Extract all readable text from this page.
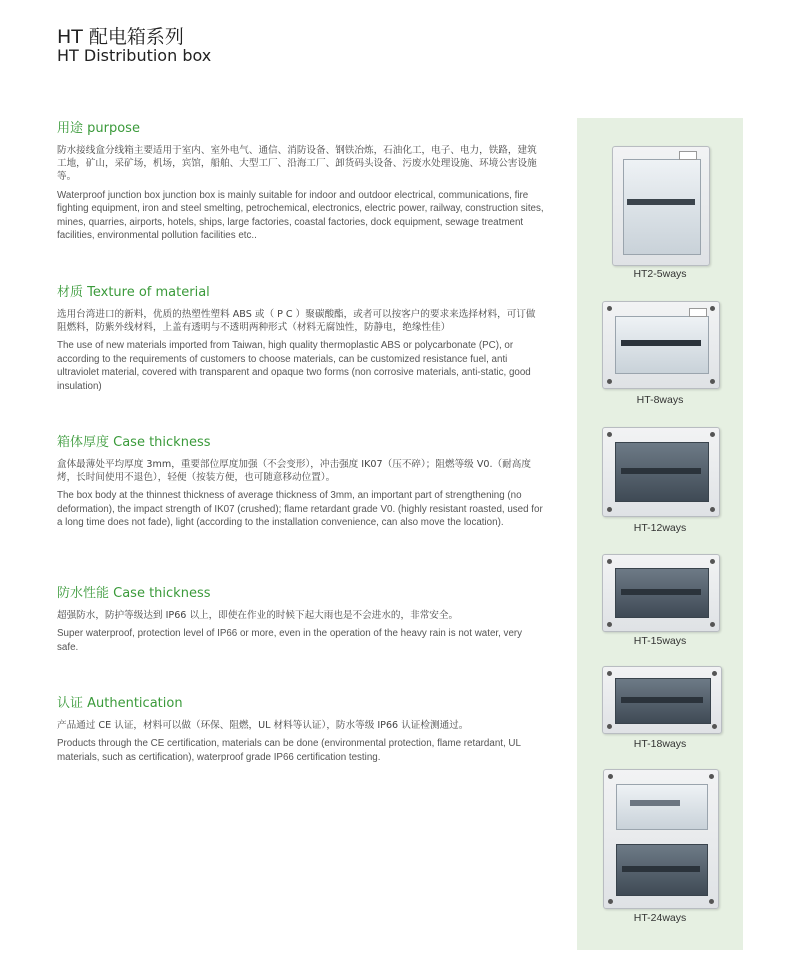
HT 配电箱系列
HT Distribution box
用途 purpose

防水接线盒分线箱主要适用于室内、室外电气、通信、消防设备、钢铁冶炼，石油化工，电子、电力，铁路，建筑工地，矿山，采矿场，机场，宾馆，船舶、大型工厂、沿海工厂、卸货码头设备、污废水处理设施、环境公害设施等。

Waterproof junction box junction box is mainly suitable for indoor and outdoor electrical, communications, fire fighting equipment, iron and steel smelting, petrochemical, electronics, electric power, railway, construction sites, mines, quarries, airports, hotels, ships, large factories, coastal factories, dock equipment, sewage treatment facilities, environmental pollution facilities etc..

材质 Texture of material

选用台湾进口的新料，优质的热塑性塑料 ABS 或（ P C ）聚碳酸酯，或者可以按客户的要求来选择材料，可订做阻燃料，防紫外线材料，上盖有透明与不透明两种形式（材料无腐蚀性，防静电，绝缘性佳）

The use of new materials imported from Taiwan, high quality thermoplastic ABS or polycarbonate (PC), or according to the requirements of customers to choose materials, can be customized resistance fuel, anti ultraviolet material, covered with transparent and opaque two forms (non corrosive materials, anti-static, good insulation)

箱体厚度 Case thickness

盒体最薄处平均厚度 3mm，重要部位厚度加强（不会变形），冲击强度 IK07（压不碎）；阻燃等级 V0.（耐高度烤，长时间使用不退色），轻便（按装方便，也可随意移动位置）。

The box body at the thinnest thickness of average thickness of 3mm, an important part of strengthening (no deformation), the impact strength of IK07 (crushed); flame retardant grade V0. (highly resistant roasted, used for a long time does not fade), light (according to the installation convenience, can also move the location).

防水性能 Case thickness

超强防水，防护等级达到 IP66 以上，即使在作业的时候下起大雨也是不会进水的，非常安全。

Super waterproof, protection level of IP66 or more, even in the operation of the heavy rain is not water, very safe.

认证 Authentication

产品通过 CE 认证，材料可以做（环保、阻燃，UL 材料等认证），防水等级 IP66 认证检测通过。

Products through the CE certification, materials can be done (environmental protection, flame retardant, UL materials, such as certification), waterproof grade IP66 certification testing.

HT2-5ways
HT-8ways
HT-12ways
HT-15ways
HT-18ways
HT-24ways
